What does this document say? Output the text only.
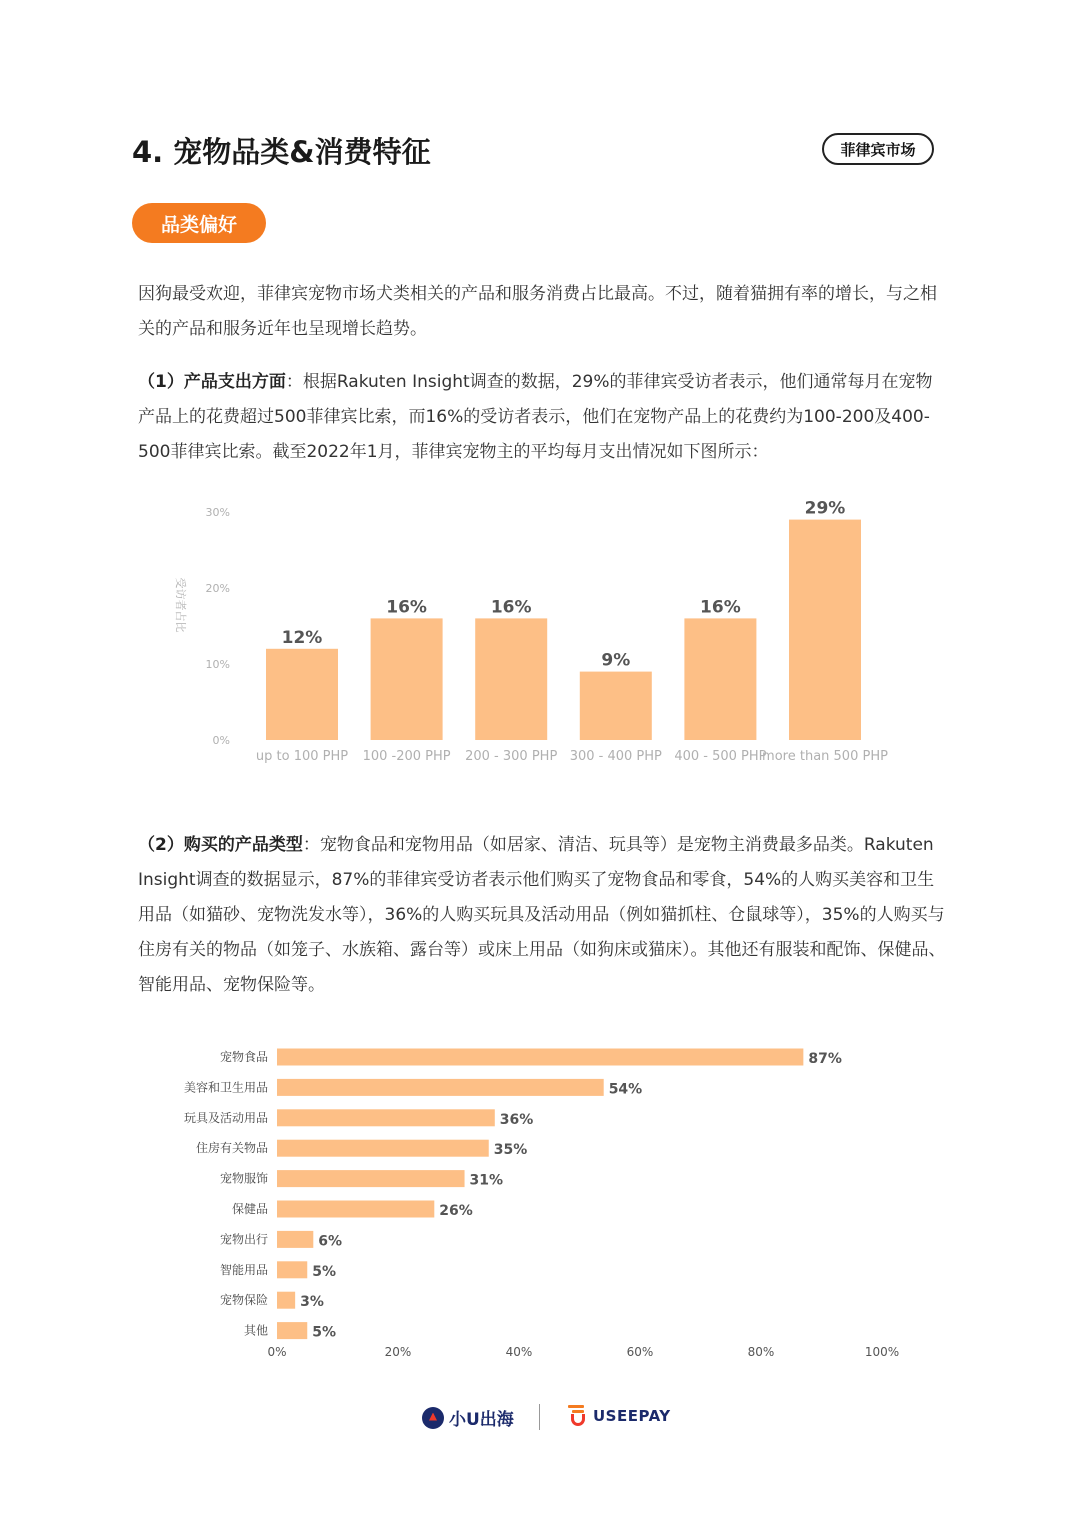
4. 宠物品类&消费特征	菲律宾市场
品类偏好

因狗最受欢迎，菲律宾宠物市场犬类相关的产品和服务消费占比最高。不过，随着猫拥有率的增长，与之相关的产品和服务近年也呈现增长趋势。

（1）产品支出方面：根据Rakuten Insight调查的数据，29%的菲律宾受访者表示，他们通常每月在宠物产品上的花费超过500菲律宾比索，而16%的受访者表示，他们在宠物产品上的花费约为100-200及400-500菲律宾比索。截至2022年1月，菲律宾宠物主的平均每月支出情况如下图所示：

0%
10%
20%
30%
受访者占比
12%
up to 100 PHP
16%
100 -200 PHP
16%
200 - 300 PHP
9%
300 - 400 PHP
16%
400 - 500 PHP
29%
more than 500 PHP

（2）购买的产品类型：宠物食品和宠物用品（如居家、清洁、玩具等）是宠物主消费最多品类。Rakuten Insight调查的数据显示，87%的菲律宾受访者表示他们购买了宠物食品和零食，54%的人购买美容和卫生用品（如猫砂、宠物洗发水等），36%的人购买玩具及活动用品（例如猫抓柱、仓鼠球等），35%的人购买与住房有关的物品（如笼子、水族箱、露台等）或床上用品（如狗床或猫床）。其他还有服装和配饰、保健品、智能用品、宠物保险等。

宠物食品	87%
美容和卫生用品	54%
玩具及活动用品	36%
住房有关物品	35%
宠物服饰	31%
保健品	26%
宠物出行	6%
智能用品	5%
宠物保险 3%
其他	5%
0%	20%	40%	60%	80%	100%
小U出海	USEEPAY
